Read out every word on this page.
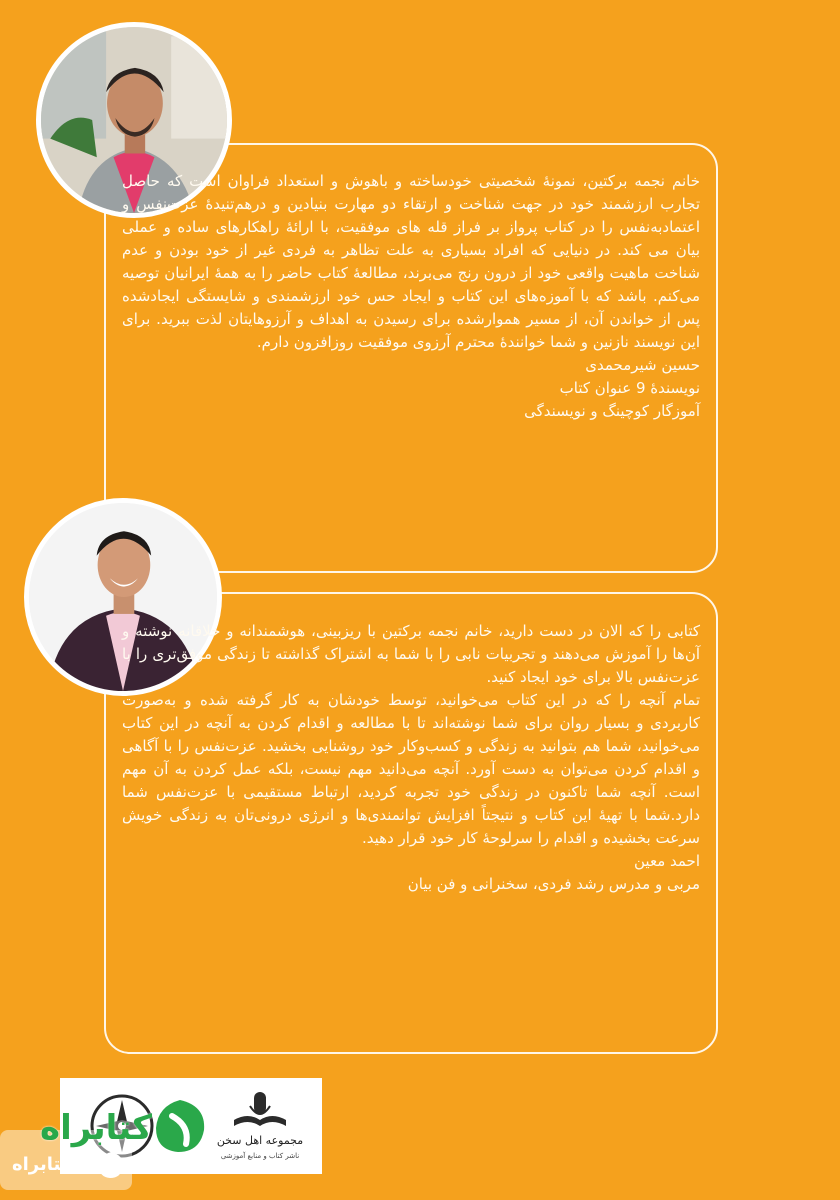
خانم نجمه برکتین، نمونۀ شخصیتی خودساخته و باهوش و استعداد فراوان است که حاصل تجارب ارزشمند خود در جهت شناخت و ارتقاء دو مهارت بنیادین و درهم‌تنیدۀ عزت‌نفس و اعتمادبه‌نفس را در کتاب پرواز بر فراز قله های موفقیت، با ارائۀ راهکارهای ساده و عملی بیان می کند. در دنیایی که افراد بسیاری به علت تظاهر به فردی غیر از خود بودن و عدم شناخت ماهیت واقعی خود از درون رنج می‌برند، مطالعۀ کتاب حاضر را به همۀ ایرانیان توصیه می‌کنم. باشد که با آموزه‌های این کتاب و ایجاد حس خود ارزشمندی و شایستگی ایجادشده پس از خواندن آن، از مسیر هموارشده برای رسیدن به اهداف و آرزوهایتان لذت ببرید. برای این نویسند نازنین و شما خوانندۀ محترم آرزوی موفقیت روزافزون دارم.

حسین شیرمحمدی
نویسندۀ 9 عنوان کتاب
آموزگار کوچینگ و نویسندگی

کتابی را که الان در دست دارید، خانم نجمه برکتین با ریزبینی، هوشمندانه و خلاقانه نوشته و آن‌ها را آموزش می‌دهند و تجربیات نابی را با شما به اشتراک گذاشته تا زندگی موفق‌تری را با عزت‌نفس بالا برای خود ایجاد کنید.

تمام آنچه را که در این کتاب می‌خوانید، توسط خودشان به کار گرفته شده و به‌صورت کاربردی و بسیار روان برای شما نوشته‌اند تا با مطالعه و اقدام کردن به آنچه در این کتاب می‌خوانید، شما هم بتوانید به زندگی و کسب‌وکار خود روشنایی بخشید. عزت‌نفس را با آگاهی و اقدام کردن می‌توان به دست آورد. آنچه می‌دانید مهم نیست، بلکه عمل کردن به آن مهم است. آنچه شما تاکنون در زندگی خود تجربه کردید، ارتباط مستقیمی با عزت‌نفس شما دارد.شما با تهیۀ این کتاب و نتیجتاً افزایش توانمندی‌ها و انرژی درونی‌تان به زندگی خویش سرعت بخشیده و اقدام را سرلوحۀ کار خود قرار دهید.

احمد معین
مربی و مدرس رشد فردی، سخنرانی و فن بیان
مجموعه اهل سخن
ناشر کتاب و منابع آموزشی
کتابراه
کتابراه
